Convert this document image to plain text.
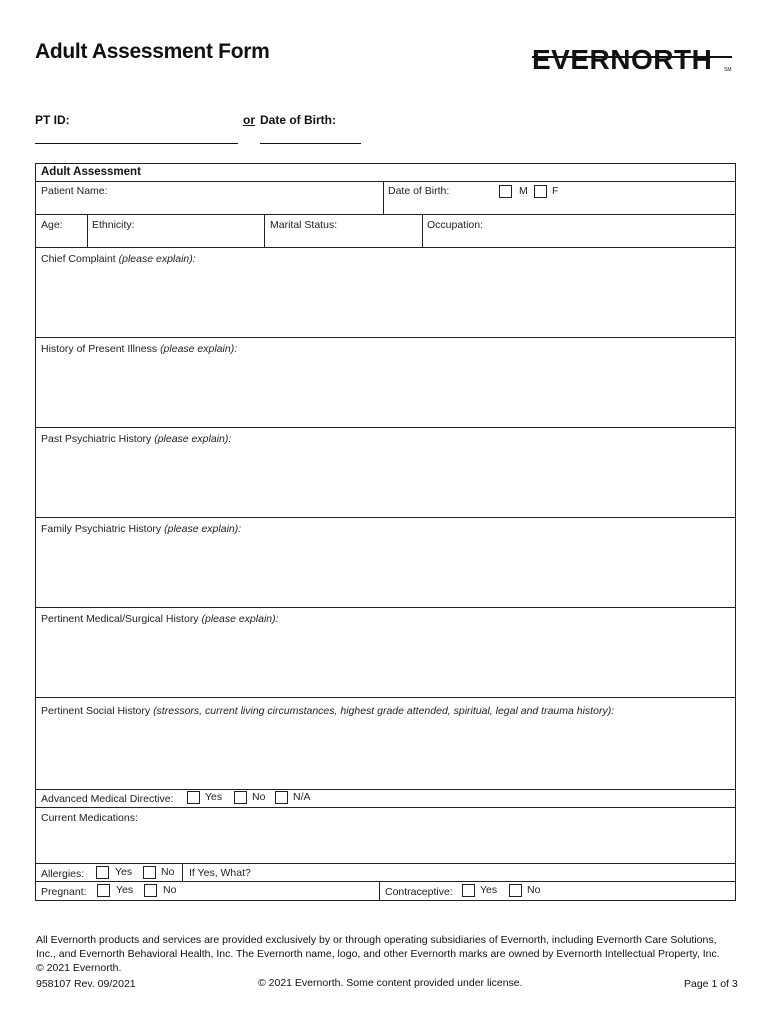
Adult Assessment Form	EVERNORTH SM
PT ID:	or Date of Birth:
Adult Assessment
Patient Name:	Date of Birth:	M F
Age:	Ethnicity:	Marital Status:	Occupation:
Chief Complaint (please explain):
History of Present Illness (please explain):
Past Psychiatric History (please explain):
Family Psychiatric History (please explain):
Pertinent Medical/Surgical History (please explain):
Pertinent Social History (stressors, current living circumstances, highest grade attended, spiritual, legal and trauma history):
Advanced Medical Directive:	Yes	No	N/A
Current Medications:
Allergies:	Yes	No If Yes, What?
Pregnant:	Yes	No	Contraceptive:	Yes	No
All Evernorth products and services are provided exclusively by or through operating subsidiaries of Evernorth, including Evernorth Care Solutions, Inc., and Evernorth Behavioral Health, Inc. The Evernorth name, logo, and other Evernorth marks are owned by Evernorth Intellectual Property, Inc.
© 2021 Evernorth.
958107 Rev. 09/2021	© 2021 Evernorth. Some content provided under license.	Page 1 of 3
